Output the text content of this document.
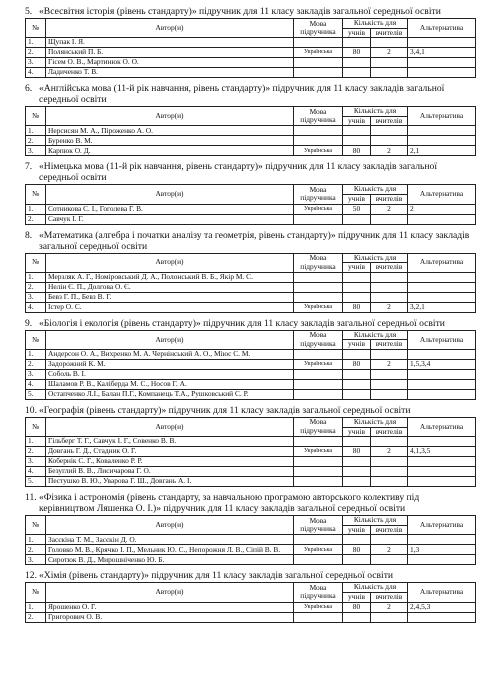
5. «Всесвітня історія (рівень стандарту)» підручник для 11 класу закладів загальної середньої освіти
№	Автор(и)	Мова підручника	Кількість для		Альтернатива
			учнів	вчителів	
1.	Щупак І. Я.				
2.	Полянський П. Б.	Українська	80	2	3,4,1
3.	Гісем О. В., Мартинюк О. О.				
4.	Ладиченко Т. В.				
6. «Англійська мова (11-й рік навчання, рівень стандарту)» підручник для 11 класу закладів загальної середньої освіти
№	Автор(и)	Мова підручника	Кількість для		Альтернатива
			учнів	вчителів	
1.	Нерсисян М. А., Піроженко А. О.				
2.	Буренко В. М.				
3.	Карпюк О. Д.	Українська	80	2	2,1
7. «Німецька мова (11-й рік навчання, рівень стандарту)» підручник для 11 класу закладів загальної середньої освіти
№	Автор(и)	Мова підручника	Кількість для		Альтернатива
			учнів	вчителів	
1.	Сотникова С. І., Гоголева Г. В.	Українська	50	2	2
2.	Савчук І. Г.				
8. «Математика (алгебра і початки аналізу та геометрія, рівень стандарту)» підручник для 11 класу закладів загальної середньої освіти
№	Автор(и)	Мова підручника	Кількість для		Альтернатива
			учнів	вчителів	
1.	Мерзляк А. Г., Номіровський Д. А., Полонський В. Б., Якір М. С.				
2.	Нелін Є. П., Долгова О. Є.				
3.	Бевз Г. П., Бевз В. Г.				
4.	Істер О. С.	Українська	80	2	3,2,1
9. «Біологія і екологія (рівень стандарту)» підручник для 11 класу закладів загальної середньої освіти
№	Автор(и)	Мова підручника	Кількість для		Альтернатива
			учнів	вчителів	
1.	Андерсон О. А., Вихренко М. А. Чернінський А. О., Міюс С. М.				
2.	Задорожний К. М.	Українська	80	2	1,5,3,4
3.	Соболь В. І.				
4.	Шаламов Р. В., Каліберда М. С., Носов Г. А.				
5.	Остапченко Л.І., Балан П.Г., Компанець Т.А., Рушковський С. Р.				
10. «Географія (рівень стандарту)» підручник для 11 класу закладів загальної середньої освіти
№	Автор(и)	Мова підручника	Кількість для		Альтернатива
			учнів	вчителів	
1.	Гільберг Т. Г., Савчук І. Г., Совенко В. В.				
2.	Довгань Г. Д., Стадник О. Г.	Українська	80	2	4,1,3,5
3.	Кобернік С. Г., Коваленко Р. Р.				
4.	Безуглий В. В., Лисичарова Г. О.				
5.	Пестушко В. Ю., Уварова Г. Ш., Довгань А. І.				
11. «Фізика і астрономія (рівень стандарту, за навчальною програмою авторського колективу під керівництвом Ляшенка О. І.)» підручник для 11 класу закладів загальної середньої освіти
№	Автор(и)	Мова підручника	Кількість для		Альтернатива
			учнів	вчителів	
1.	Засєкіна Т. М., Засєкін Д. О.				
2.	Головко М. В., Крячко І. П., Мельник Ю. С., Непорожня Л. В., Сіпій В. В.	Українська	80	2	1,3
3.	Сиротюк В. Д., Мирошніченко Ю. Б.				
12. «Хімія (рівень стандарту)» підручник для 11 класу закладів загальної середньої освіти
№	Автор(и)	Мова підручника	Кількість для		Альтернатива
			учнів	вчителів	
1.	Ярошенко О. Г.	Українська	80	2	2,4,5,3
2.	Григорович О. В.				
